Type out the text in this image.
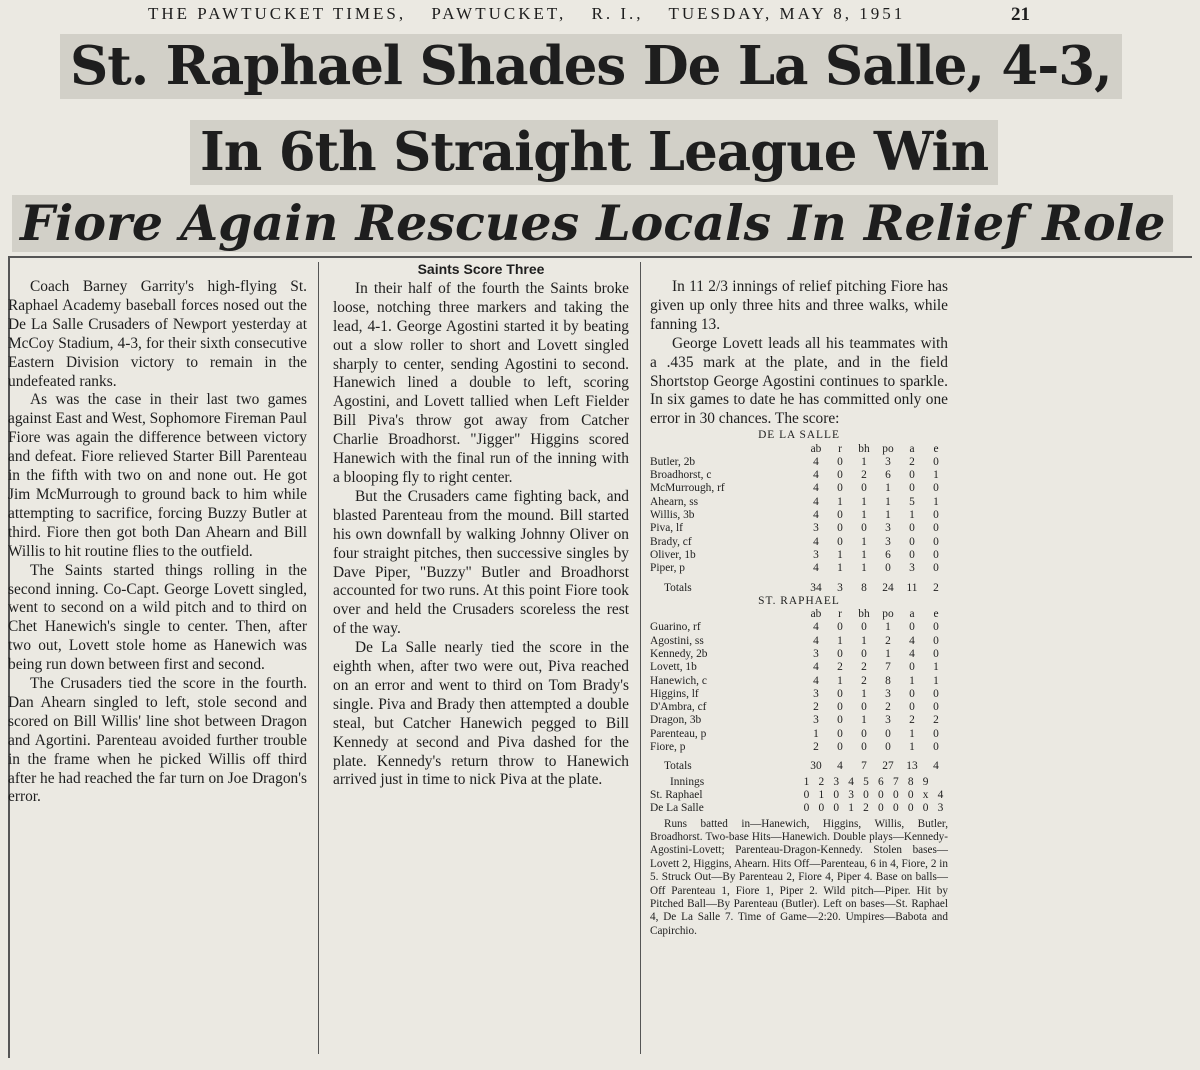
THE PAWTUCKET TIMES, PAWTUCKET, R. I., TUESDAY, MAY 8, 1951	21
St. Raphael Shades De La Salle, 4-3,
In 6th Straight League Win
Fiore Again Rescues Locals In Relief Role

Coach Barney Garrity's high-flying St. Raphael Academy baseball forces nosed out the De La Salle Crusaders of Newport yesterday at McCoy Stadium, 4-3, for their sixth consecutive Eastern Division victory to remain in the undefeated ranks.

As was the case in their last two games against East and West, Sophomore Fireman Paul Fiore was again the difference between victory and defeat. Fiore relieved Starter Bill Parenteau in the fifth with two on and none out. He got Jim McMurrough to ground back to him while attempting to sacrifice, forcing Buzzy Butler at third. Fiore then got both Dan Ahearn and Bill Willis to hit routine flies to the outfield.

The Saints started things rolling in the second inning. Co-Capt. George Lovett singled, went to second on a wild pitch and to third on Chet Hanewich's single to center. Then, after two out, Lovett stole home as Hanewich was being run down between first and second.

The Crusaders tied the score in the fourth. Dan Ahearn singled to left, stole second and scored on Bill Willis' line shot between Dragon and Agortini. Parenteau avoided further trouble in the frame when he picked Willis off third after he had reached the far turn on Joe Dragon's error.

Saints Score Three

In their half of the fourth the Saints broke loose, notching three markers and taking the lead, 4-1. George Agostini started it by beating out a slow roller to short and Lovett singled sharply to center, sending Agostini to second. Hanewich lined a double to left, scoring Agostini, and Lovett tallied when Left Fielder Bill Piva's throw got away from Catcher Charlie Broadhorst. "Jigger" Higgins scored Hanewich with the final run of the inning with a blooping fly to right center.

But the Crusaders came fighting back, and blasted Parenteau from the mound. Bill started his own downfall by walking Johnny Oliver on four straight pitches, then successive singles by Dave Piper, "Buzzy" Butler and Broadhorst accounted for two runs. At this point Fiore took over and held the Crusaders scoreless the rest of the way.

De La Salle nearly tied the score in the eighth when, after two were out, Piva reached on an error and went to third on Tom Brady's single. Piva and Brady then attempted a double steal, but Catcher Hanewich pegged to Bill Kennedy at second and Piva dashed for the plate. Kennedy's return throw to Hanewich arrived just in time to nick Piva at the plate.

In 11 2/3 innings of relief pitching Fiore has given up only three hits and three walks, while fanning 13.

George Lovett leads all his teammates with a .435 mark at the plate, and in the field Shortstop George Agostini continues to sparkle. In six games to date he has committed only one error in 30 chances. The score:

DE LA SALLE						
	ab	r	bh	po	a	e
Butler, 2b	4	0	1	3	2	0
Broadhorst, c	4	0	2	6	0	1
McMurrough, rf	4	0	0	1	0	0
Ahearn, ss	4	1	1	1	5	1
Willis, 3b	4	0	1	1	1	0
Piva, lf	3	0	0	3	0	0
Brady, cf	4	0	1	3	0	0
Oliver, 1b	3	1	1	6	0	0
Piper, p	4	1	1	0	3	0
Totals	34	3	8	24	11	2
ST. RAPHAEL						
	ab	r	bh	po	a	e
Guarino, rf	4	0	0	1	0	0
Agostini, ss	4	1	1	2	4	0
Kennedy, 2b	3	0	0	1	4	0
Lovett, 1b	4	2	2	7	0	1
Hanewich, c	4	1	2	8	1	1
Higgins, lf	3	0	1	3	0	0
D'Ambra, cf	2	0	0	2	0	0
Dragon, 3b	3	0	1	3	2	2
Parenteau, p	1	0	0	0	1	0
Fiore, p	2	0	0	0	1	0
Totals	30	4	7	27	13	4
Innings	1	2	3	4	5	6	7	8	9	
St. Raphael	0	1	0	3	0	0	0	0	x	4
De La Salle	0	0	0	1	2	0	0	0	0	3

Runs batted in—Hanewich, Higgins, Willis, Butler, Broadhorst. Two-base Hits—Hanewich. Double plays—Kennedy-Agostini-Lovett; Parenteau-Dragon-Kennedy. Stolen bases—Lovett 2, Higgins, Ahearn. Hits Off—Parenteau, 6 in 4, Fiore, 2 in 5. Struck Out—By Parenteau 2, Fiore 4, Piper 4. Base on balls—Off Parenteau 1, Fiore 1, Piper 2. Wild pitch—Piper. Hit by Pitched Ball—By Parenteau (Butler). Left on bases—St. Raphael 4, De La Salle 7. Time of Game—2:20. Umpires—Babota and Capirchio.
